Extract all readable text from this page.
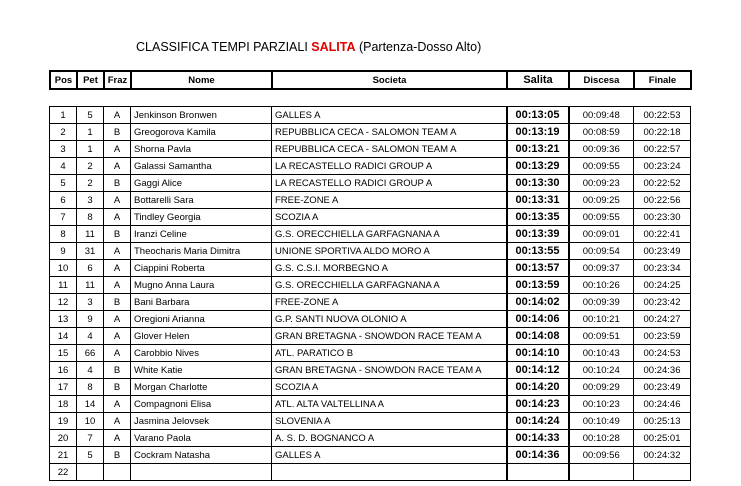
CLASSIFICA TEMPI PARZIALI SALITA (Partenza-Dosso Alto)
Pos	Pet	Fraz	Nome	Societa	Salita	Discesa	Finale
1	5	A	Jenkinson Bronwen	GALLES A	00:13:05	00:09:48	00:22:53
2	1	B	Greogorova Kamila	REPUBBLICA CECA - SALOMON TEAM A	00:13:19	00:08:59	00:22:18
3	1	A	Shorna Pavla	REPUBBLICA CECA - SALOMON TEAM A	00:13:21	00:09:36	00:22:57
4	2	A	Galassi Samantha	LA RECASTELLO RADICI GROUP A	00:13:29	00:09:55	00:23:24
5	2	B	Gaggi Alice	LA RECASTELLO RADICI GROUP A	00:13:30	00:09:23	00:22:52
6	3	A	Bottarelli Sara	FREE-ZONE A	00:13:31	00:09:25	00:22:56
7	8	A	Tindley Georgia	SCOZIA A	00:13:35	00:09:55	00:23:30
8	11	B	Iranzi Celine	G.S. ORECCHIELLA GARFAGNANA A	00:13:39	00:09:01	00:22:41
9	31	A	Theocharis Maria Dimitra	UNIONE SPORTIVA ALDO MORO A	00:13:55	00:09:54	00:23:49
10	6	A	Ciappini Roberta	G.S. C.S.I. MORBEGNO A	00:13:57	00:09:37	00:23:34
11	11	A	Mugno Anna Laura	G.S. ORECCHIELLA GARFAGNANA A	00:13:59	00:10:26	00:24:25
12	3	B	Bani Barbara	FREE-ZONE A	00:14:02	00:09:39	00:23:42
13	9	A	Oregioni Arianna	G.P. SANTI NUOVA OLONIO A	00:14:06	00:10:21	00:24:27
14	4	A	Glover Helen	GRAN BRETAGNA - SNOWDON RACE TEAM A	00:14:08	00:09:51	00:23:59
15	66	A	Carobbio Nives	ATL. PARATICO B	00:14:10	00:10:43	00:24:53
16	4	B	White Katie	GRAN BRETAGNA - SNOWDON RACE TEAM A	00:14:12	00:10:24	00:24:36
17	8	B	Morgan Charlotte	SCOZIA A	00:14:20	00:09:29	00:23:49
18	14	A	Compagnoni Elisa	ATL. ALTA VALTELLINA A	00:14:23	00:10:23	00:24:46
19	10	A	Jasmina Jelovsek	SLOVENIA A	00:14:24	00:10:49	00:25:13
20	7	A	Varano Paola	A. S. D. BOGNANCO A	00:14:33	00:10:28	00:25:01
21	5	B	Cockram Natasha	GALLES A	00:14:36	00:09:56	00:24:32
22							
